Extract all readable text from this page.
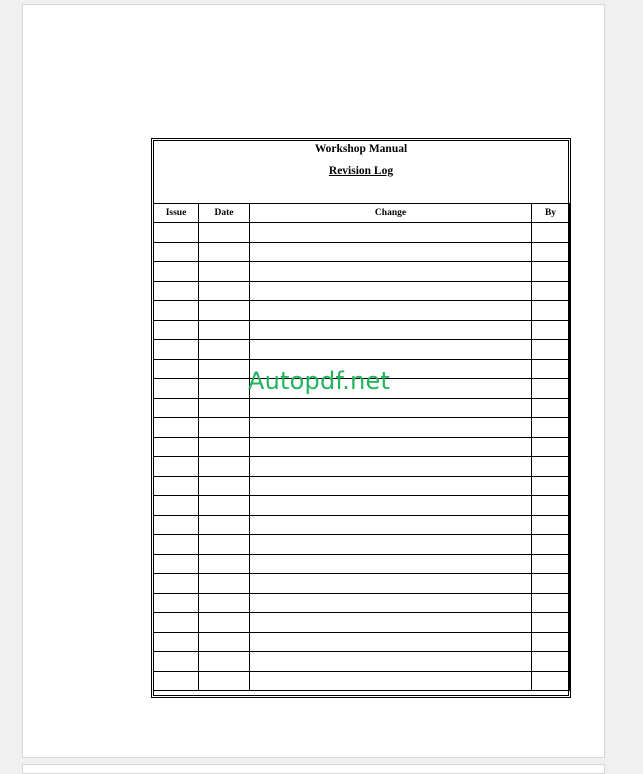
Workshop Manual
Revision Log
Issue	Date	Change	By

Autopdf.net
